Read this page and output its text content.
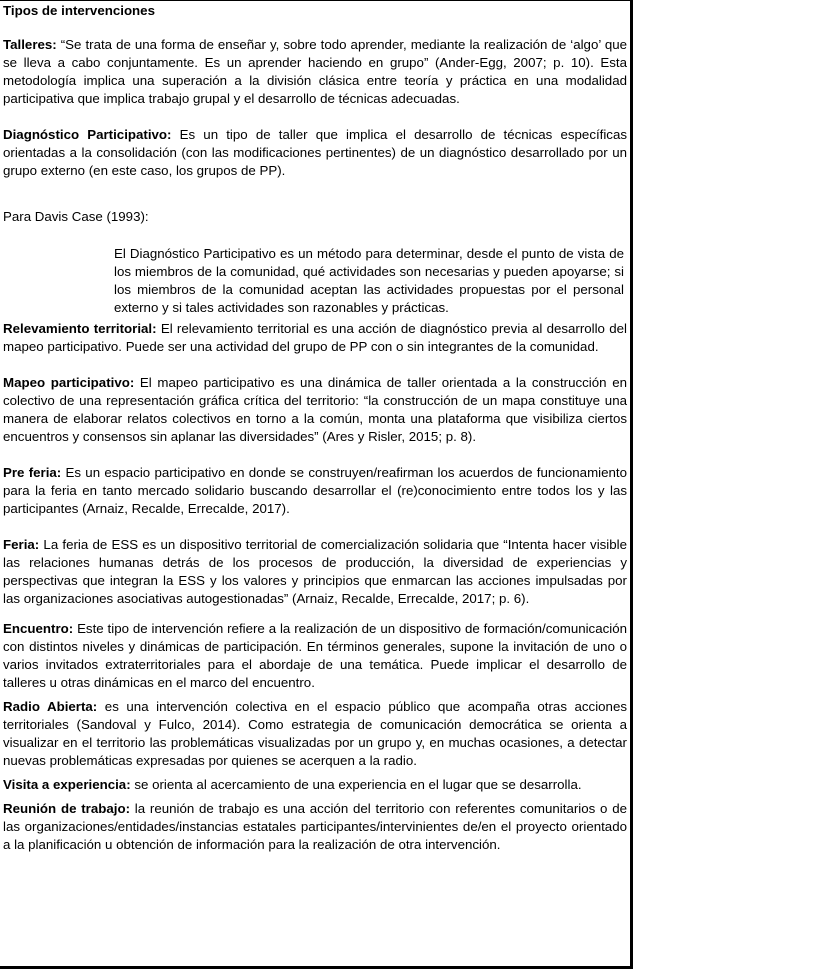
Tipos de intervenciones

Talleres: “Se trata de una forma de enseñar y, sobre todo aprender, mediante la realización de ‘algo’ que se lleva a cabo conjuntamente. Es un aprender haciendo en grupo” (Ander-Egg, 2007; p. 10). Esta metodología implica una superación a la división clásica entre teoría y práctica en una modalidad participativa que implica trabajo grupal y el desarrollo de técnicas adecuadas.

Diagnóstico Participativo: Es un tipo de taller que implica el desarrollo de técnicas específicas orientadas a la consolidación (con las modificaciones pertinentes) de un diagnóstico desarrollado por un grupo externo (en este caso, los grupos de PP).

Para Davis Case (1993):

El Diagnóstico Participativo es un método para determinar, desde el punto de vista de los miembros de la comunidad, qué actividades son necesarias y pueden apoyarse; si los miembros de la comunidad aceptan las actividades propuestas por el personal externo y si tales actividades son razonables y prácticas.

Relevamiento territorial: El relevamiento territorial es una acción de diagnóstico previa al desarrollo del mapeo participativo. Puede ser una actividad del grupo de PP con o sin integrantes de la comunidad.

Mapeo participativo: El mapeo participativo es una dinámica de taller orientada a la construcción en colectivo de una representación gráfica crítica del territorio: “la construcción de un mapa constituye una manera de elaborar relatos colectivos en torno a la común, monta una plataforma que visibiliza ciertos encuentros y consensos sin aplanar las diversidades” (Ares y Risler, 2015; p. 8).

Pre feria: Es un espacio participativo en donde se construyen/reafirman los acuerdos de funcionamiento para la feria en tanto mercado solidario buscando desarrollar el (re)conocimiento entre todos los y las participantes (Arnaiz, Recalde, Errecalde, 2017).

Feria: La feria de ESS es un dispositivo territorial de comercialización solidaria que “Intenta hacer visible las relaciones humanas detrás de los procesos de producción, la diversidad de experiencias y perspectivas que integran la ESS y los valores y principios que enmarcan las acciones impulsadas por las organizaciones asociativas autogestionadas” (Arnaiz, Recalde, Errecalde, 2017; p. 6).

Encuentro: Este tipo de intervención refiere a la realización de un dispositivo de formación/comunicación con distintos niveles y dinámicas de participación. En términos generales, supone la invitación de uno o varios invitados extraterritoriales para el abordaje de una temática. Puede implicar el desarrollo de talleres u otras dinámicas en el marco del encuentro.

Radio Abierta: es una intervención colectiva en el espacio público que acompaña otras acciones territoriales (Sandoval y Fulco, 2014). Como estrategia de comunicación democrática se orienta a visualizar en el territorio las problemáticas visualizadas por un grupo y, en muchas ocasiones, a detectar nuevas problemáticas expresadas por quienes se acerquen a la radio.

Visita a experiencia: se orienta al acercamiento de una experiencia en el lugar que se desarrolla.

Reunión de trabajo: la reunión de trabajo es una acción del territorio con referentes comunitarios o de las organizaciones/entidades/instancias estatales participantes/intervinientes de/en el proyecto orientado a la planificación u obtención de información para la realización de otra intervención.
